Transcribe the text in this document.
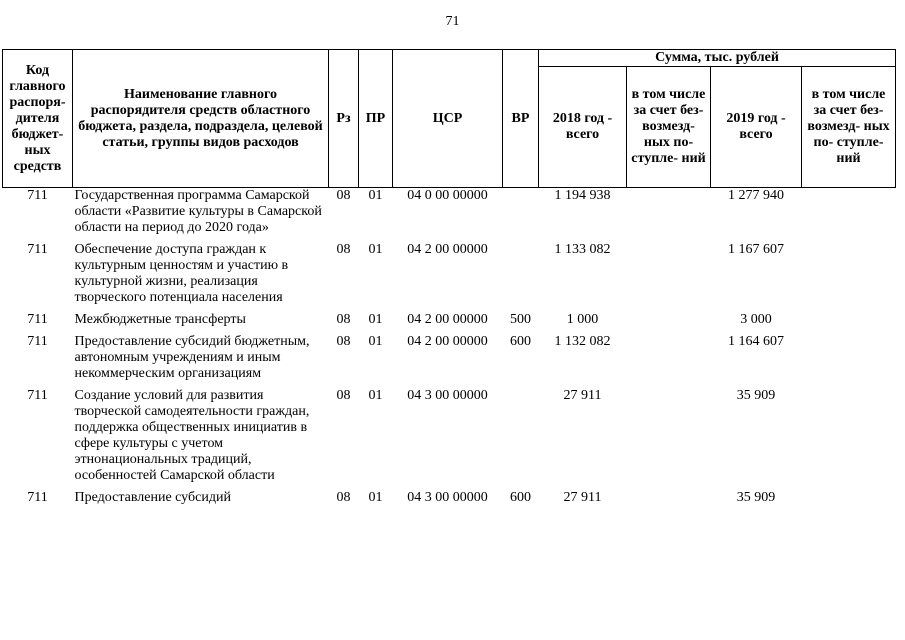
71
Код главного распоря- дителя бюджет- ных средств	Наименование главного распорядителя средств областного бюджета, раздела, подраздела, целевой статьи, группы видов расходов	Рз	ПР	ЦСР	ВР	Сумма, тыс. рублей			
						2018 год - всего	в том числе за счет без- возмезд- ных по- ступле- ний	2019 год - всего	в том числе за счет без- возмезд- ных по- ступле- ний
711	Государственная программа Самарской области «Развитие культуры в Самарской области на период до 2020 года»	08	01	04 0 00 00000		1 194 938		1 277 940	
711	Обеспечение доступа граждан к культурным ценностям и участию в культурной жизни, реализация творческого потенциала населения	08	01	04 2 00 00000		1 133 082		1 167 607	
711	Межбюджетные трансферты	08	01	04 2 00 00000	500	1 000		3 000	
711	Предоставление субсидий бюджетным, автономным учреждениям и иным некоммерческим организациям	08	01	04 2 00 00000	600	1 132 082		1 164 607	
711	Создание условий для развития творческой самодеятельности граждан, поддержка общественных инициатив в сфере культуры с учетом этнонациональных традиций, особенностей Самарской области	08	01	04 3 00 00000		27 911		35 909	
711	Предоставление субсидий	08	01	04 3 00 00000	600	27 911		35 909	
